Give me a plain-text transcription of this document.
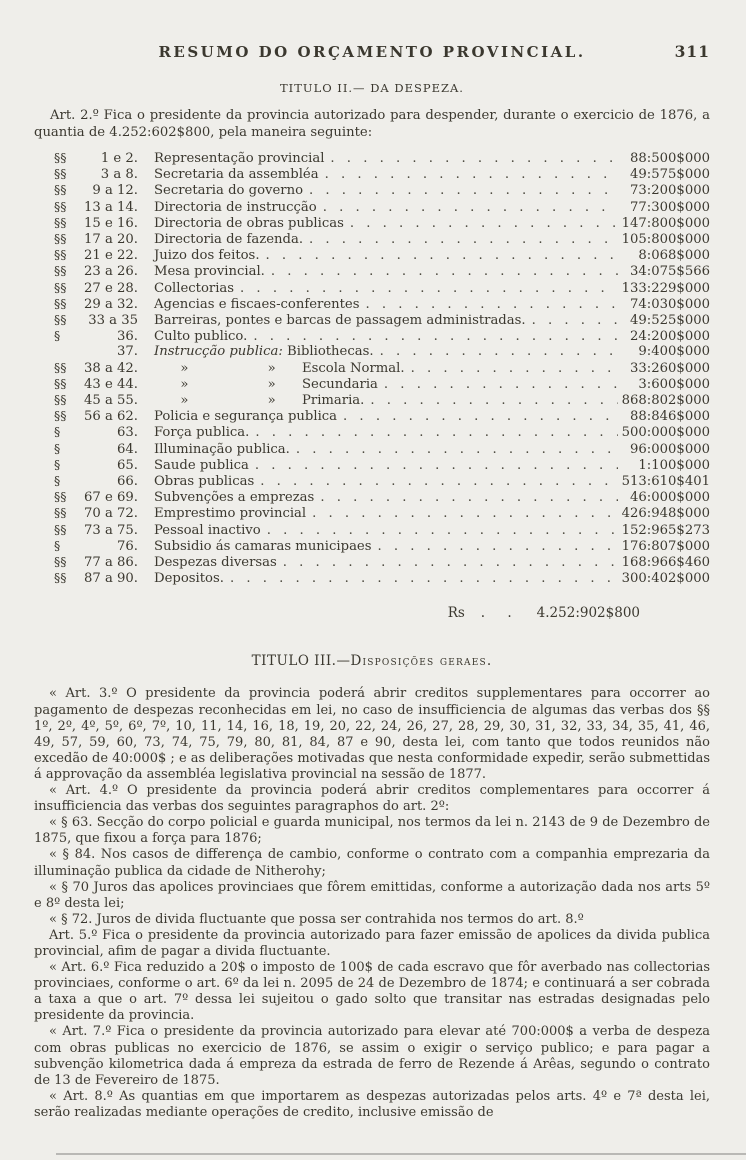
RESUMO DO ORÇAMENTO PROVINCIAL.	311
TITULO II.— DA DESPEZA.

Art. 2.º Fica o presidente da provincia autorizado para despender, durante o exercicio de 1876, a quantia de 4.252:602$800, pela maneira seguinte:

§§	1 e 2. Representação provincial . . .	88:500$000
§§	3 a 8. Secretaria da assembléa . . .	49:575$000
§§	9 a 12. Secretaria do governo . . .	73:200$000
§§	13 a 14. Directoria de instrucção . . .	77:300$000
§§	15 e 16. Directoria de obras publicas . . .	147:800$000
§§	17 a 20. Directoria de fazenda. . . .	105:800$000
§§	21 e 22. Juizo dos feitos. . . .	8:068$000
§§	23 a 26. Mesa provincial. . . .	34:075$566
§§	27 e 28. Collectorias . . .	133:229$000
§§	29 a 32. Agencias e fiscaes-conferentes . . .	74:030$000
§§	33 a 35 Barreiras, pontes e barcas de passagem administradas. . . .	49:525$000
§	36. Culto publico. . . .	24:200$000
37. Instrucção publica: Bibliothecas. . . .	9:400$000
§§	38 a 42.   »      »  Escola Normal. . . .	33:260$000
§§	43 e 44.   »      »  Secundaria . . .	3:600$000
§§	45 a 55.   »      »  Primaria. . . .	868:802$000
§§	56 a 62. Policia e segurança publica . . .	88:846$000
§	63. Força publica. . . .	500:000$000
§	64. Illuminação publica. . . .	96:000$000
§	65. Saude publica . . .	1:100$000
§	66. Obras publicas . . .	513:610$401
§§	67 e 69. Subvenções a emprezas . . .	46:000$000
§§	70 a 72. Emprestimo provincial . . .	426:948$000
§§	73 a 75. Pessoal inactivo . . .	152:965$273
§	76. Subsidio ás camaras municipaes . . .	176:807$000
§§	77 a 86. Despezas diversas . . .	168:966$460
§§	87 a 90. Depositos. . . .	300:402$000
Rs . . 4.252:902$800
TITULO III.—Disposições geraes.

« Art. 3.º O presidente da provincia poderá abrir creditos supplementares para occorrer ao pagamento de despezas reconhecidas em lei, no caso de insufficiencia de algumas das verbas dos §§ 1º, 2º, 4º, 5º, 6º, 7º, 10, 11, 14, 16, 18, 19, 20, 22, 24, 26, 27, 28, 29, 30, 31, 32, 33, 34, 35, 41, 46, 49, 57, 59, 60, 73, 74, 75, 79, 80, 81, 84, 87 e 90, desta lei, com tanto que todos reunidos não excedão de 40:000$ ; e as deliberações motivadas que nesta conformidade expedir, serão submettidas á approvação da assembléa legislativa provincial na sessão de 1877.

« Art. 4.º O presidente da provincia poderá abrir creditos complementares para occorrer á insufficiencia das verbas dos seguintes paragraphos do art. 2º:

« § 63. Secção do corpo policial e guarda municipal, nos termos da lei n. 2143 de 9 de Dezembro de 1875, que fixou a força para 1876;

« § 84. Nos casos de differença de cambio, conforme o contrato com a companhia emprezaria da illuminação publica da cidade de Nitherohy;

« § 70 Juros das apolices provinciaes que fôrem emittidas, conforme a autorização dada nos arts 5º e 8º desta lei;

« § 72. Juros de divida fluctuante que possa ser contrahida nos termos do art. 8.º

Art. 5.º Fica o presidente da provincia autorizado para fazer emissão de apolices da divida publica provincial, afim de pagar a divida fluctuante.

« Art. 6.º Fica reduzido a 20$ o imposto de 100$ de cada escravo que fôr averbado nas collectorias provinciaes, conforme o art. 6º da lei n. 2095 de 24 de Dezembro de 1874; e continuará a ser cobrada a taxa a que o art. 7º dessa lei sujeitou o gado solto que transitar nas estradas designadas pelo presidente da provincia.

« Art. 7.º Fica o presidente da provincia autorizado para elevar até 700:000$ a verba de despeza com obras publicas no exercicio de 1876, se assim o exigir o serviço publico; e para pagar a subvenção kilometrica dada á empreza da estrada de ferro de Rezende á Arêas, segundo o contrato de 13 de Fevereiro de 1875.

« Art. 8.º As quantias em que importarem as despezas autorizadas pelos arts. 4º e 7ª desta lei, serão realizadas mediante operações de credito, inclusive emissão de
